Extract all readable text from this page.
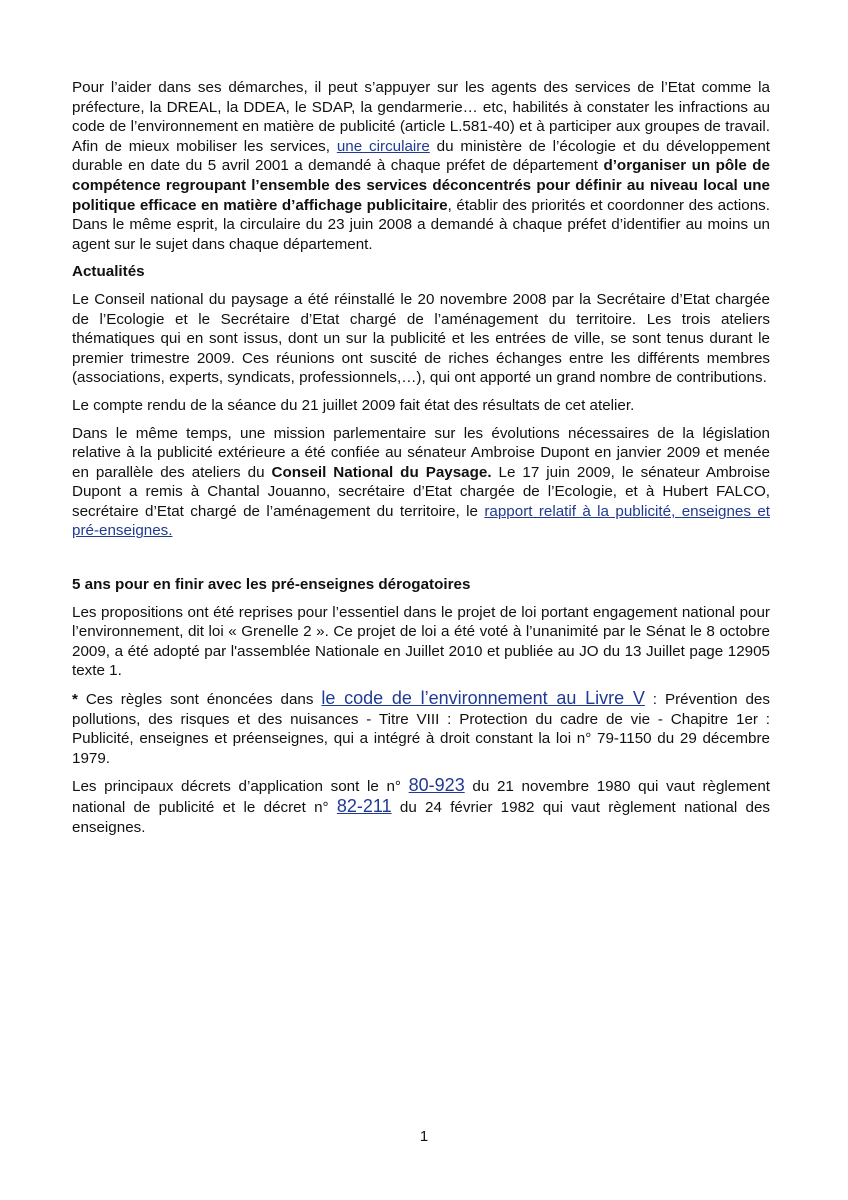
Pour l’aider dans ses démarches, il peut s’appuyer sur les agents des services de l’Etat comme la préfecture, la DREAL, la DDEA, le SDAP, la gendarmerie… etc, habilités à constater les infractions au code de l’environnement en matière de publicité (article L.581-40) et à participer aux groupes de travail. Afin de mieux mobiliser les services, une circulaire du ministère de l’écologie et du développement durable en date du 5 avril 2001 a demandé à chaque préfet de département d’organiser un pôle de compétence regroupant l’ensemble des services déconcentrés pour définir au niveau local une politique efficace en matière d’affichage publicitaire, établir des priorités et coordonner des actions. Dans le même esprit, la circulaire du 23 juin 2008 a demandé à chaque préfet d’identifier au moins un agent sur le sujet dans chaque département.

Actualités

Le Conseil national du paysage a été réinstallé le 20 novembre 2008 par la Secrétaire d’Etat chargée de l’Ecologie et le Secrétaire d’Etat chargé de l’aménagement du territoire. Les trois ateliers thématiques qui en sont issus, dont un sur la publicité et les entrées de ville, se sont tenus durant le premier trimestre 2009. Ces réunions ont suscité de riches échanges entre les différents membres (associations, experts, syndicats, professionnels,…), qui ont apporté un grand nombre de contributions.

Le compte rendu de la séance du 21 juillet 2009 fait état des résultats de cet atelier.

Dans le même temps, une mission parlementaire sur les évolutions nécessaires de la législation relative à la publicité extérieure a été confiée au sénateur Ambroise Dupont en janvier 2009 et menée en parallèle des ateliers du Conseil National du Paysage. Le 17 juin 2009, le sénateur Ambroise Dupont a remis à Chantal Jouanno, secrétaire d’Etat chargée de l’Ecologie, et à Hubert FALCO, secrétaire d’Etat chargé de l’aménagement du territoire, le rapport relatif à la publicité, enseignes et pré-enseignes.

5 ans pour en finir avec les pré-enseignes dérogatoires

Les propositions ont été reprises pour l’essentiel dans le projet de loi portant engagement national pour l’environnement, dit loi « Grenelle 2 ». Ce projet de loi a été voté à l’unanimité par le Sénat le 8 octobre 2009, a été adopté par l'assemblée Nationale en Juillet 2010 et publiée au JO du 13 Juillet page 12905 texte 1.

* Ces règles sont énoncées dans le code de l’environnement au Livre V : Prévention des pollutions, des risques et des nuisances - Titre VIII : Protection du cadre de vie - Chapitre 1er : Publicité, enseignes et préenseignes, qui a intégré à droit constant la loi n° 79-1150 du 29 décembre 1979.

Les principaux décrets d’application sont le n° 80-923 du 21 novembre 1980 qui vaut règlement national de publicité et le décret n° 82-211 du 24 février 1982 qui vaut règlement national des enseignes.

1
